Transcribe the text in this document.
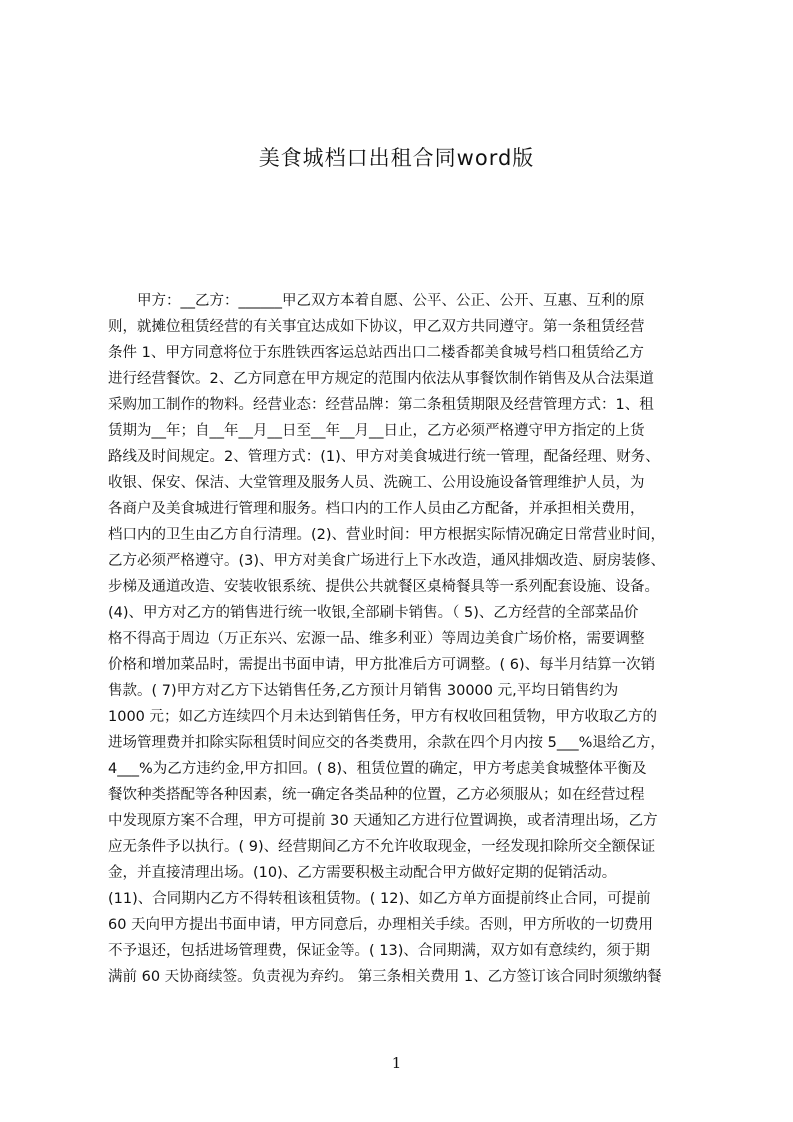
美食城档口出租合同word版
甲方：__乙方：______甲乙双方本着自愿、公平、公正、公开、互惠、互利的原
则，就摊位租赁经营的有关事宜达成如下协议，甲乙双方共同遵守。第一条租赁经营
条件 1、甲方同意将位于东胜铁西客运总站西出口二楼香都美食城号档口租赁给乙方
进行经营餐饮。2、乙方同意在甲方规定的范围内依法从事餐饮制作销售及从合法渠道
采购加工制作的物料。经营业态：经营品牌：第二条租赁期限及经营管理方式：1、租
赁期为__年；自__年__月__日至__年__月__日止，乙方必须严格遵守甲方指定的上货
路线及时间规定。2、管理方式：(1)、甲方对美食城进行统一管理，配备经理、财务、
收银、保安、保洁、大堂管理及服务人员、洗碗工、公用设施设备管理维护人员，为
各商户及美食城进行管理和服务。档口内的工作人员由乙方配备，并承担相关费用，
档口内的卫生由乙方自行清理。(2)、营业时间：甲方根据实际情况确定日常营业时间，
乙方必须严格遵守。(3)、甲方对美食广场进行上下水改造，通风排烟改造、厨房装修、
步梯及通道改造、安装收银系统、提供公共就餐区桌椅餐具等一系列配套设施、设备。
(4)、甲方对乙方的销售进行统一收银,全部刷卡销售。（ 5)、乙方经营的全部菜品价
格不得高于周边（万正东兴、宏源一品、维多利亚）等周边美食广场价格，需要调整
价格和增加菜品时，需提出书面申请，甲方批准后方可调整。( 6)、每半月结算一次销
售款。( 7)甲方对乙方下达销售任务,乙方预计月销售 30000 元,平均日销售约为
1000 元；如乙方连续四个月未达到销售任务，甲方有权收回租赁物，甲方收取乙方的
进场管理费并扣除实际租赁时间应交的各类费用，余款在四个月内按 5___%退给乙方，
4___%为乙方违约金,甲方扣回。( 8)、租赁位置的确定，甲方考虑美食城整体平衡及
餐饮种类搭配等各种因素，统一确定各类品种的位置，乙方必须服从；如在经营过程
中发现原方案不合理，甲方可提前 30 天通知乙方进行位置调换，或者清理出场，乙方
应无条件予以执行。( 9)、经营期间乙方不允许收取现金，一经发现扣除所交全额保证
金，并直接清理出场。(10)、乙方需要积极主动配合甲方做好定期的促销活动。
(11)、合同期内乙方不得转租该租赁物。( 12)、如乙方单方面提前终止合同，可提前
60 天向甲方提出书面申请，甲方同意后，办理相关手续。否则，甲方所收的一切费用
不予退还，包括进场管理费，保证金等。( 13)、合同期满，双方如有意续约，须于期
满前 60 天协商续签。负责视为弃约。 第三条相关费用 1、乙方签订该合同时须缴纳餐
1
